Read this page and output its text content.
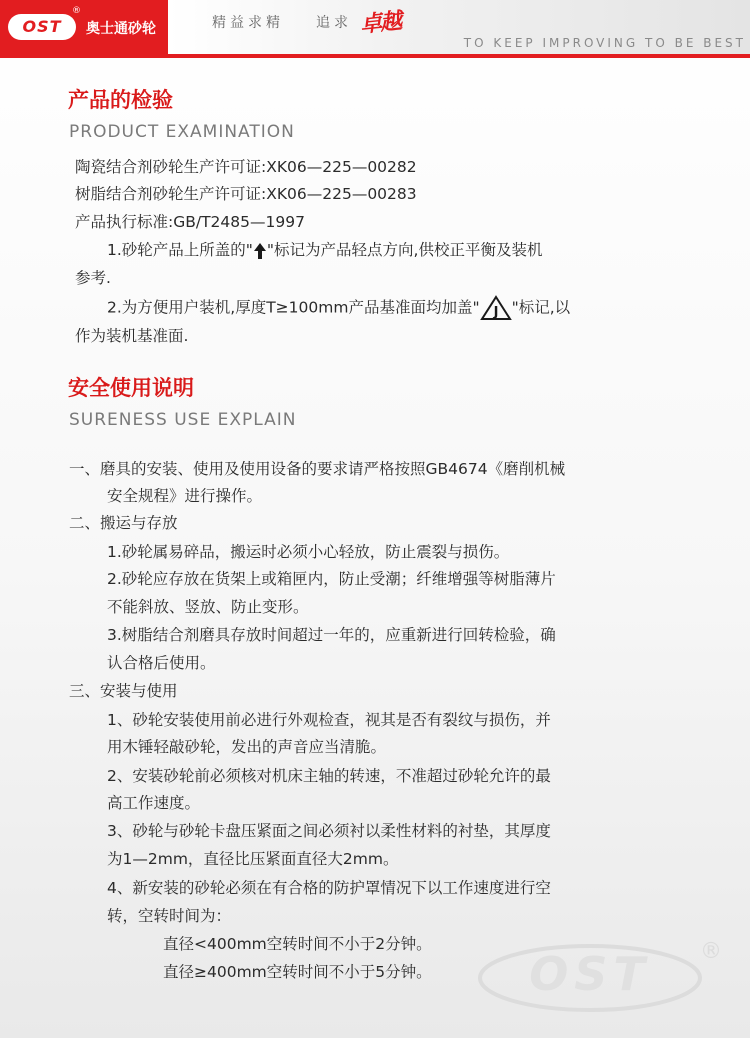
OST
®
奥士通砂轮	精益求精 追求 卓越
TO KEEP IMPROVING TO BE BEST
产品的检验
PRODUCT EXAMINATION
陶瓷结合剂砂轮生产许可证:XK06—225—00282
树脂结合剂砂轮生产许可证:XK06—225—00283
产品执行标准:GB/T2485—1997
1.砂轮产品上所盖的" "标记为产品轻点方向,供校正平衡及装机
参考.
2.为方便用户装机,厚度T≥100mm产品基准面均加盖" J "标记,以
作为装机基准面.
安全使用说明
SURENESS USE EXPLAIN
一、磨具的安装、使用及使用设备的要求请严格按照GB4674《磨削机械
安全规程》进行操作。
二、搬运与存放
1.砂轮属易碎品，搬运时必须小心轻放，防止震裂与损伤。
2.砂轮应存放在货架上或箱匣内，防止受潮；纤维增强等树脂薄片
不能斜放、竖放、防止变形。
3.树脂结合剂磨具存放时间超过一年的，应重新进行回转检验，确
认合格后使用。
三、安装与使用
1、砂轮安装使用前必进行外观检查，视其是否有裂纹与损伤，并
用木锤轻敲砂轮，发出的声音应当清脆。
2、安装砂轮前必须核对机床主轴的转速，不准超过砂轮允许的最
高工作速度。
3、砂轮与砂轮卡盘压紧面之间必须衬以柔性材料的衬垫，其厚度
为1—2mm，直径比压紧面直径大2mm。
4、新安装的砂轮必须在有合格的防护罩情况下以工作速度进行空
转，空转时间为：
直径<400mm空转时间不小于2分钟。
直径≥400mm空转时间不小于5分钟。 OST ®
